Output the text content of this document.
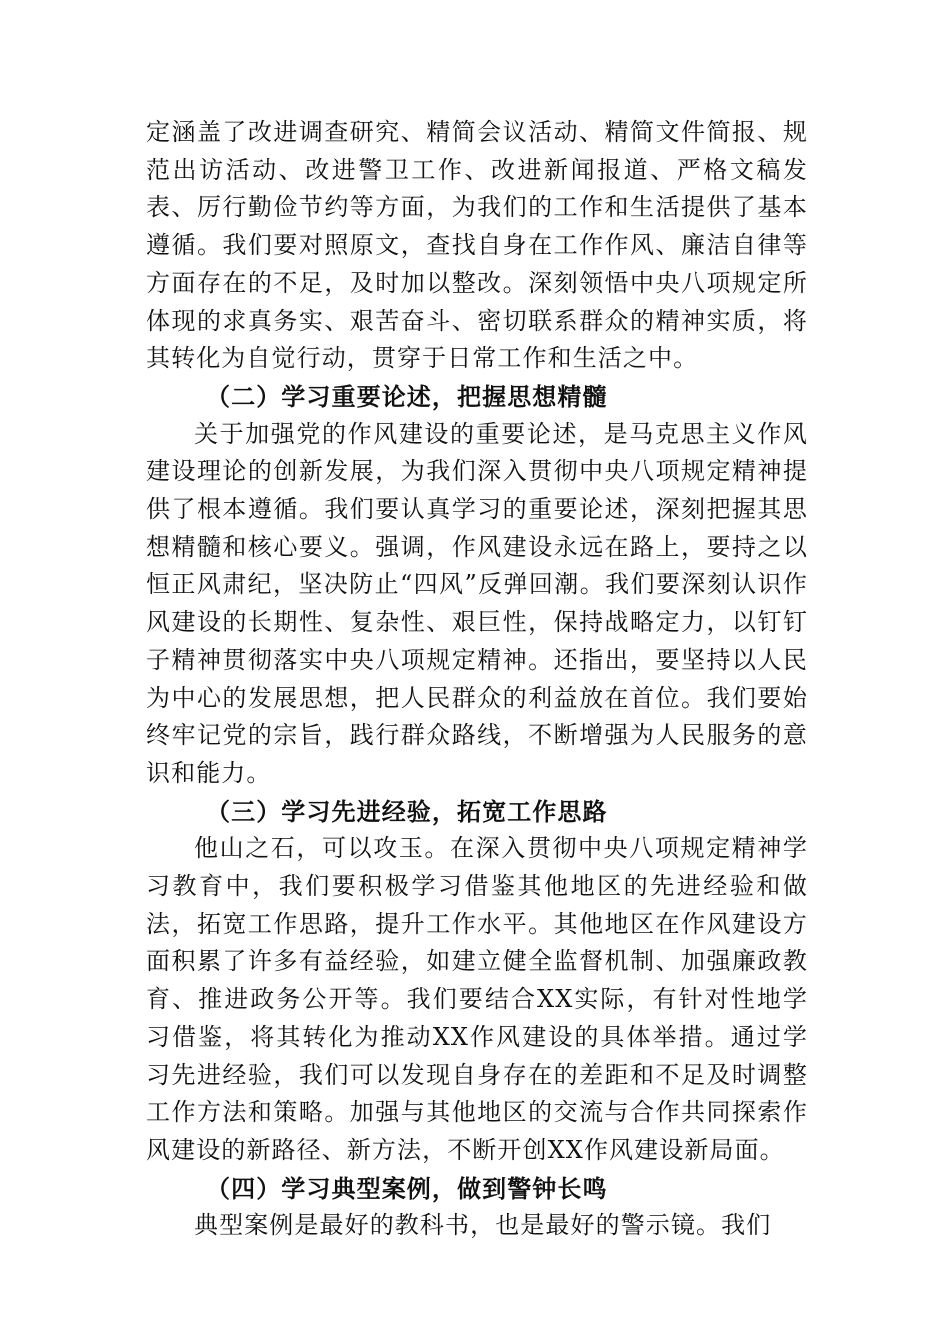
定涵盖了改进调查研究、精简会议活动、精简文件简报、规范出访活动、改进警卫工作、改进新闻报道、严格文稿发表、厉行勤俭节约等方面，为我们的工作和生活提供了基本遵循。我们要对照原文，查找自身在工作作风、廉洁自律等方面存在的不足，及时加以整改。深刻领悟中央八项规定所体现的求真务实、艰苦奋斗、密切联系群众的精神实质，将其转化为自觉行动，贯穿于日常工作和生活之中。

（二）学习重要论述，把握思想精髓

关于加强党的作风建设的重要论述，是马克思主义作风建设理论的创新发展，为我们深入贯彻中央八项规定精神提供了根本遵循。我们要认真学习的重要论述，深刻把握其思想精髓和核心要义。强调，作风建设永远在路上，要持之以恒正风肃纪，坚决防止“四风”反弹回潮。我们要深刻认识作风建设的长期性、复杂性、艰巨性，保持战略定力，以钉钉子精神贯彻落实中央八项规定精神。还指出，要坚持以人民为中心的发展思想，把人民群众的利益放在首位。我们要始终牢记党的宗旨，践行群众路线，不断增强为人民服务的意识和能力。

（三）学习先进经验，拓宽工作思路

他山之石，可以攻玉。在深入贯彻中央八项规定精神学习教育中，我们要积极学习借鉴其他地区的先进经验和做法，拓宽工作思路，提升工作水平。其他地区在作风建设方面积累了许多有益经验，如建立健全监督机制、加强廉政教育、推进政务公开等。我们要结合XX实际，有针对性地学习借鉴，将其转化为推动XX作风建设的具体举措。通过学习先进经验，我们可以发现自身存在的差距和不足及时调整工作方法和策略。加强与其他地区的交流与合作共同探索作风建设的新路径、新方法，不断开创XX作风建设新局面。

（四）学习典型案例，做到警钟长鸣

典型案例是最好的教科书，也是最好的警示镜。我们
